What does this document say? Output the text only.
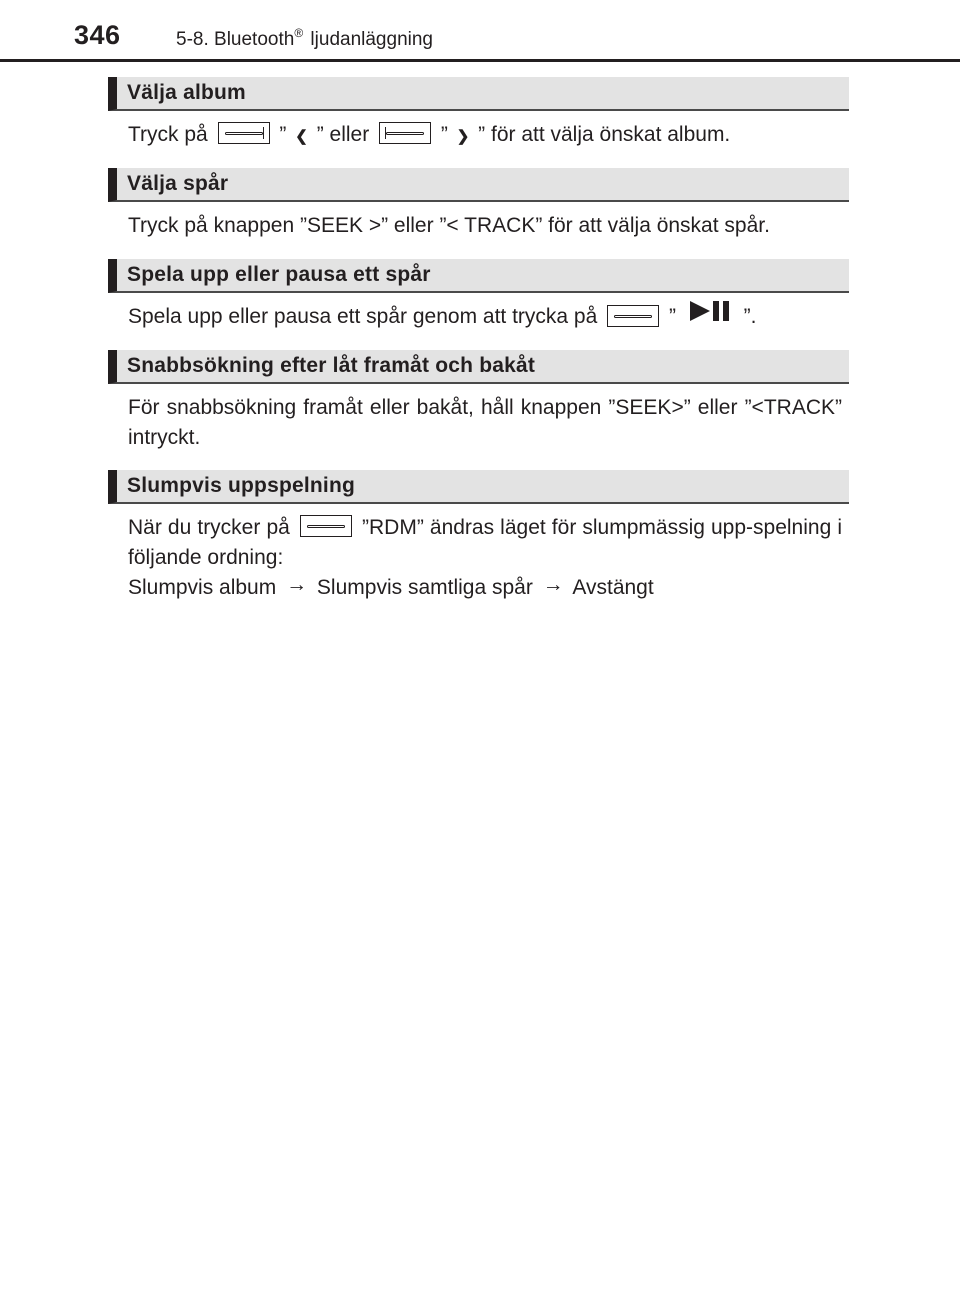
346	5-8. Bluetooth® ljudanläggning
Välja album
Tryck på	” ❮ ” eller	” ❯ ” för att välja önskat album.
Välja spår
Tryck på knappen ”SEEK >” eller ”< TRACK” för att välja önskat spår.
Spela upp eller pausa ett spår
Spela upp eller pausa ett spår genom att trycka på	”	”.
Snabbsökning efter låt framåt och bakåt
För snabbsökning framåt eller bakåt, håll knappen ”SEEK>” eller ”<TRACK” intryckt.
Slumpvis uppspelning
När du trycker på	”RDM” ändras läget för slumpmässig upp-spelning i följande ordning:
Slumpvis album → Slumpvis samtliga spår → Avstängt
